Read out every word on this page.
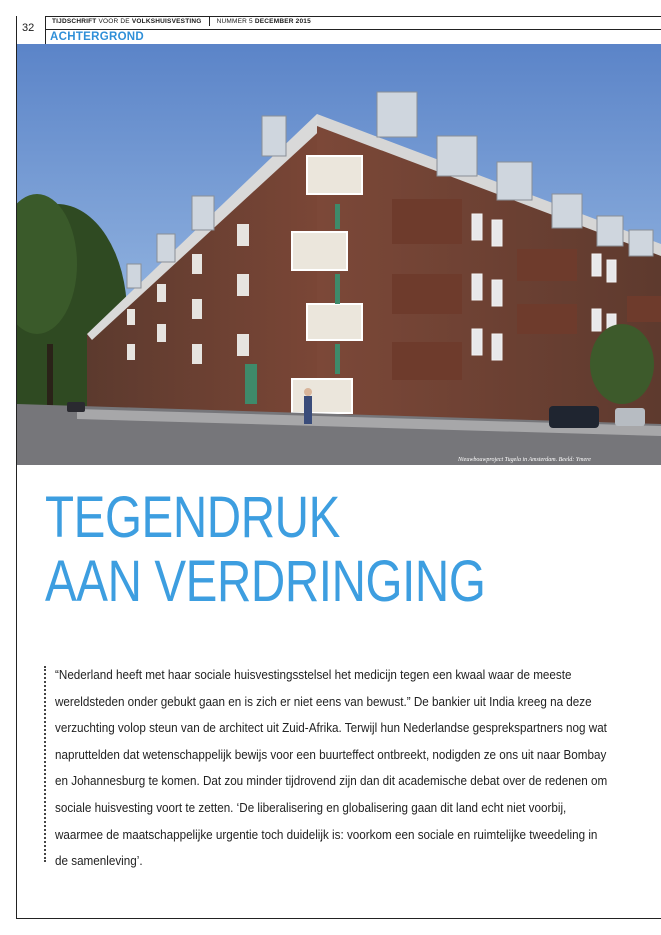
32
TIJDSCHRIFT VOOR DE VOLKSHUISVESTING NUMMER 5 DECEMBER 2015
ACHTERGROND
Nieuwbouwproject Tugela in Amsterdam. Beeld: Ymere
TEGENDRUK
AAN VERDRINGING
“Nederland heeft met haar sociale huisvestingsstelsel het medicijn tegen een kwaal waar de meeste
wereldsteden onder gebukt gaan en is zich er niet eens van bewust.” De bankier uit India kreeg na deze
verzuchting volop steun van de architect uit Zuid-Afrika. Terwijl hun Nederlandse gesprekspartners nog wat
napruttelden dat wetenschappelijk bewijs voor een buurteffect ontbreekt, nodigden ze ons uit naar Bombay
en Johannesburg te komen. Dat zou minder tijdrovend zijn dan dit academische debat over de redenen om
sociale huisvesting voort te zetten. ‘De liberalisering en globalisering gaan dit land echt niet voorbij,
waarmee de maatschappelijke urgentie toch duidelijk is: voorkom een sociale en ruimtelijke tweedeling in
de samenleving’.
